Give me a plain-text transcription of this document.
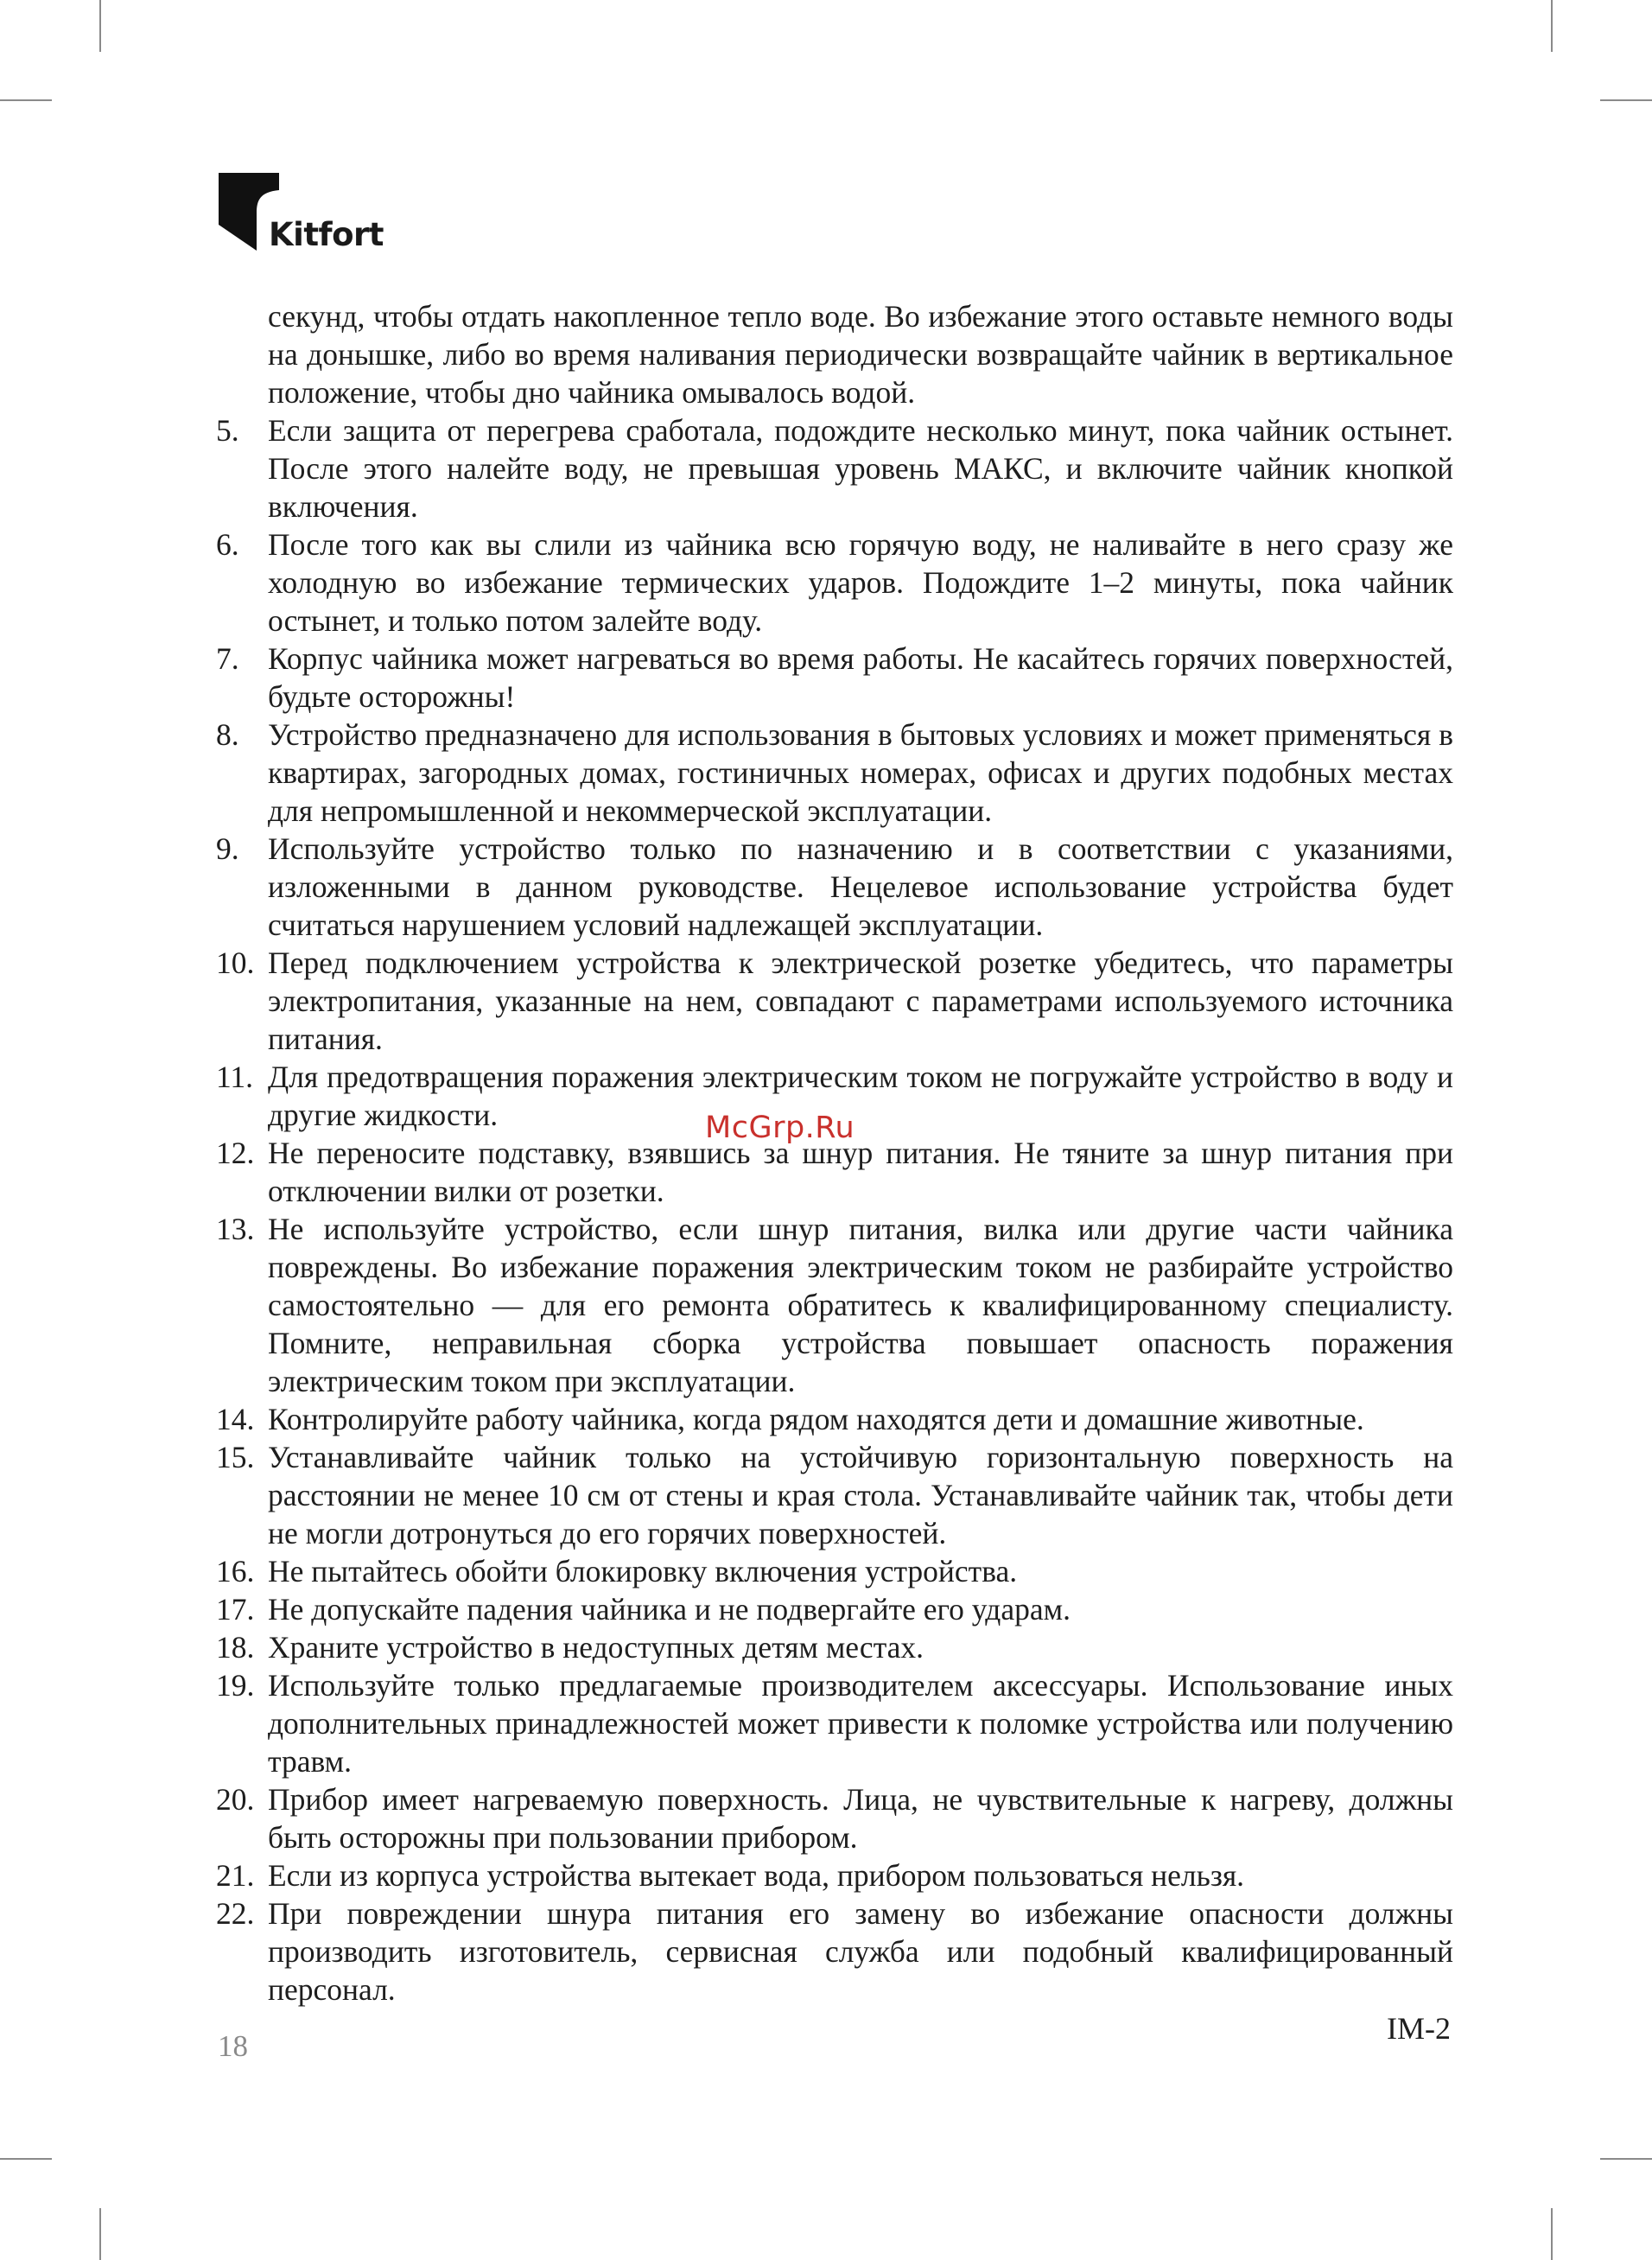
Kitfort

секунд, чтобы отдать накопленное тепло воде. Во избежание этого оставьте немного воды на донышке, либо во время наливания периодически возвращайте чайник в вертикальное положение, чтобы дно чайника омывалось водой.

5. Если защита от перегрева сработала, подождите несколько минут, пока чайник остынет. После этого налейте воду, не превышая уровень МАКС, и включите чайник кнопкой включения.
6. После того как вы слили из чайника всю горячую воду, не наливайте в него сразу же холодную во избежание термических ударов. Подождите 1–2 минуты, пока чайник остынет, и только потом залейте воду.
7. Корпус чайника может нагреваться во время работы. Не касайтесь горячих поверхностей, будьте осторожны!
8. Устройство предназначено для использования в бытовых условиях и может применяться в квартирах, загородных домах, гостиничных номерах, офисах и других подобных местах для непромышленной и некоммерческой эксплуатации.
9. Используйте устройство только по назначению и в соответствии с указаниями, изложенными в данном руководстве. Нецелевое использование устройства будет считаться нарушением условий надлежащей эксплуатации.
10. Перед подключением устройства к электрической розетке убедитесь, что параметры электропитания, указанные на нем, совпадают с параметрами используемого источника питания.
11. Для предотвращения поражения электрическим током не погружайте устройство в воду и другие жидкости.
12. Не переносите подставку, взявшись за шнур питания. Не тяните за шнур питания при отключении вилки от розетки.
13. Не используйте устройство, если шнур питания, вилка или другие части чайника повреждены. Во избежание поражения электрическим током не разбирайте устройство самостоятельно — для его ремонта обратитесь к квалифицированному специалисту. Помните, неправильная сборка устройства повышает опасность поражения электрическим током при эксплуатации.
14. Контролируйте работу чайника, когда рядом находятся дети и домашние животные.
15. Устанавливайте чайник только на устойчивую горизонтальную поверхность на расстоянии не менее 10 см от стены и края стола. Устанавливайте чайник так, чтобы дети не могли дотронуться до его горячих поверхностей.
16. Не пытайтесь обойти блокировку включения устройства.
17. Не допускайте падения чайника и не подвергайте его ударам.
18. Храните устройство в недоступных детям местах.
19. Используйте только предлагаемые производителем аксессуары. Использование иных дополнительных принадлежностей может привести к поломке устройства или получению травм.
20. Прибор имеет нагреваемую поверхность. Лица, не чувствительные к нагреву, должны быть осторожны при пользовании прибором.
21. Если из корпуса устройства вытекает вода, прибором пользоваться нельзя.
22. При повреждении шнура питания его замену во избежание опасности должны производить изготовитель, сервисная служба или подобный квалифицированный персонал.
McGrp.Ru
18
IM-2
